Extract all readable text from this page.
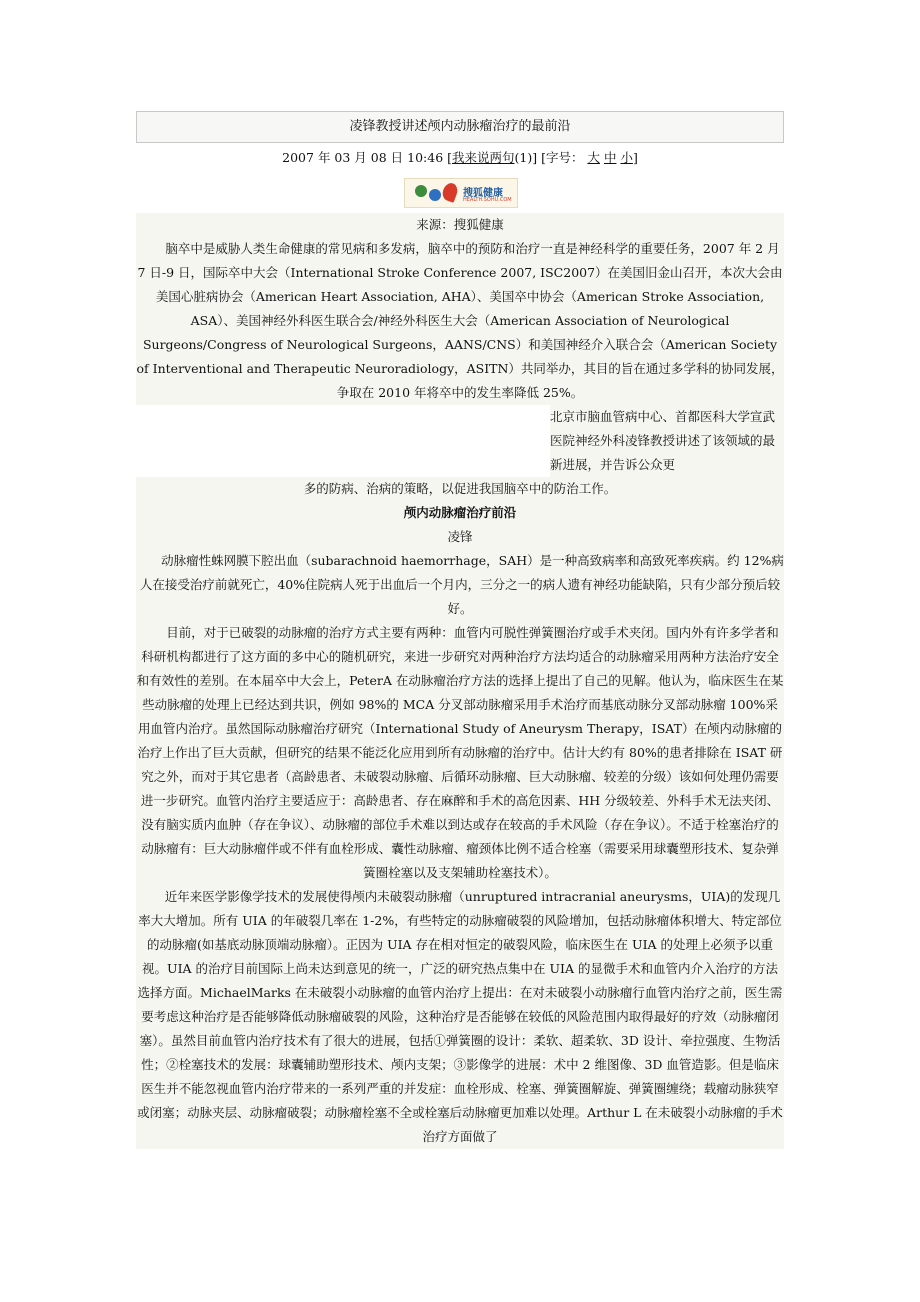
凌锋教授讲述颅内动脉瘤治疗的最前沿
2007 年 03 月 08 日 10:46 [我来说两句(1)] [字号： 大 中 小]
搜狐健康
HEALTH.SOHU.COM
来源：搜狐健康

脑卒中是威胁人类生命健康的常见病和多发病，脑卒中的预防和治疗一直是神经科学的重要任务，2007 年 2 月 7 日-9 日，国际卒中大会（International Stroke Conference 2007, ISC2007）在美国旧金山召开，本次大会由美国心脏病协会（American Heart Association, AHA）、美国卒中协会（American Stroke Association, ASA）、美国神经外科医生联合会/神经外科医生大会（American Association of Neurological Surgeons/Congress of Neurological Surgeons，AANS/CNS）和美国神经介入联合会（American Society of Interventional and Therapeutic Neuroradiology，ASITN）共同举办，其目的旨在通过多学科的协同发展，争取在 2010 年将卒中的发生率降低 25%。

北京市脑血管病中心、首都医科大学宣武医院神经外科凌锋教授讲述了该领域的最新进展，并告诉公众更

多的防病、治病的策略，以促进我国脑卒中的防治工作。

颅内动脉瘤治疗前沿
凌锋

动脉瘤性蛛网膜下腔出血（subarachnoid haemorrhage，SAH）是一种高致病率和高致死率疾病。约 12%病人在接受治疗前就死亡，40%住院病人死于出血后一个月内，三分之一的病人遗有神经功能缺陷，只有少部分预后较好。

目前，对于已破裂的动脉瘤的治疗方式主要有两种：血管内可脱性弹簧圈治疗或手术夹闭。国内外有许多学者和科研机构都进行了这方面的多中心的随机研究，来进一步研究对两种治疗方法均适合的动脉瘤采用两种方法治疗安全和有效性的差别。在本届卒中大会上，PeterA 在动脉瘤治疗方法的选择上提出了自己的见解。他认为，临床医生在某些动脉瘤的处理上已经达到共识，例如 98%的 MCA 分叉部动脉瘤采用手术治疗而基底动脉分叉部动脉瘤 100%采用血管内治疗。虽然国际动脉瘤治疗研究（International Study of Aneurysm Therapy，ISAT）在颅内动脉瘤的治疗上作出了巨大贡献，但研究的结果不能泛化应用到所有动脉瘤的治疗中。估计大约有 80%的患者排除在 ISAT 研究之外，而对于其它患者（高龄患者、未破裂动脉瘤、后循环动脉瘤、巨大动脉瘤、较差的分级）该如何处理仍需要进一步研究。血管内治疗主要适应于：高龄患者、存在麻醉和手术的高危因素、HH 分级较差、外科手术无法夹闭、没有脑实质内血肿（存在争议）、动脉瘤的部位手术难以到达或存在较高的手术风险（存在争议）。不适于栓塞治疗的动脉瘤有：巨大动脉瘤伴或不伴有血栓形成、囊性动脉瘤、瘤颈体比例不适合栓塞（需要采用球囊塑形技术、复杂弹簧圈栓塞以及支架辅助栓塞技术）。

近年来医学影像学技术的发展使得颅内未破裂动脉瘤（unruptured intracranial aneurysms，UIA)的发现几率大大增加。所有 UIA 的年破裂几率在 1-2%，有些特定的动脉瘤破裂的风险增加，包括动脉瘤体积增大、特定部位的动脉瘤(如基底动脉顶端动脉瘤）。正因为 UIA 存在相对恒定的破裂风险，临床医生在 UIA 的处理上必须予以重视。UIA 的治疗目前国际上尚未达到意见的统一，广泛的研究热点集中在 UIA 的显微手术和血管内介入治疗的方法选择方面。MichaelMarks 在未破裂小动脉瘤的血管内治疗上提出：在对未破裂小动脉瘤行血管内治疗之前，医生需要考虑这种治疗是否能够降低动脉瘤破裂的风险，这种治疗是否能够在较低的风险范围内取得最好的疗效（动脉瘤闭塞）。虽然目前血管内治疗技术有了很大的进展，包括①弹簧圈的设计：柔软、超柔软、3D 设计、牵拉强度、生物活性；②栓塞技术的发展：球囊辅助塑形技术、颅内支架；③影像学的进展：术中 2 维图像、3D 血管造影。但是临床医生并不能忽视血管内治疗带来的一系列严重的并发症：血栓形成、栓塞、弹簧圈解旋、弹簧圈缠绕；载瘤动脉狭窄或闭塞；动脉夹层、动脉瘤破裂；动脉瘤栓塞不全或栓塞后动脉瘤更加难以处理。Arthur L 在未破裂小动脉瘤的手术治疗方面做了
